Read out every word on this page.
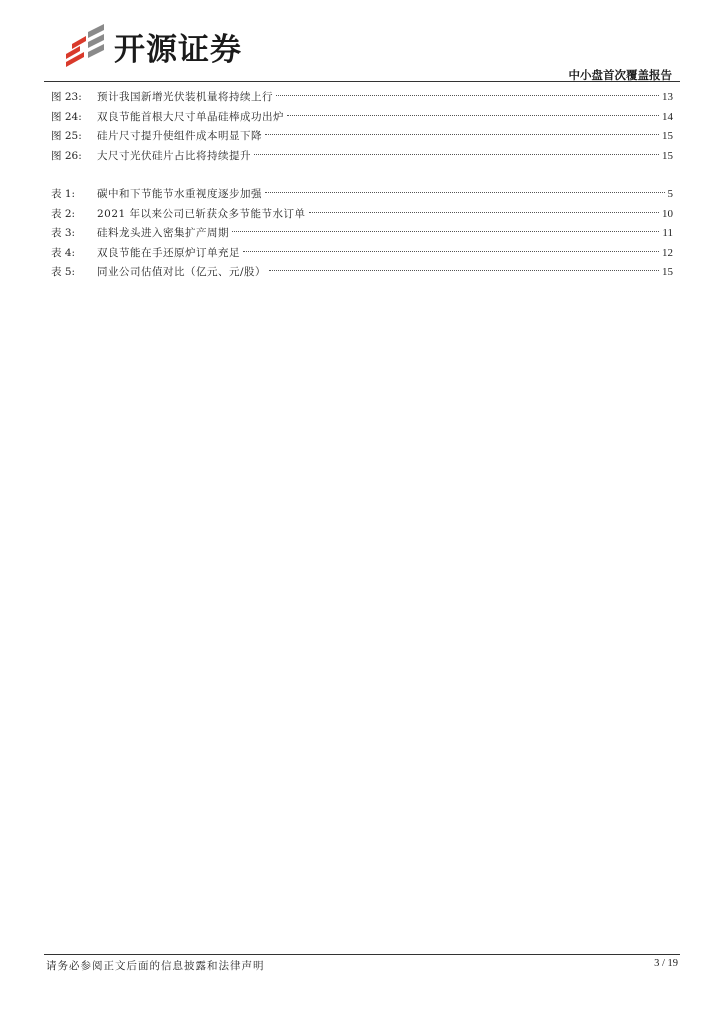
开源证券
中小盘首次覆盖报告
图 23:	预计我国新增光伏装机量将持续上行	13
图 24:	双良节能首根大尺寸单晶硅棒成功出炉	14
图 25:	硅片尺寸提升使组件成本明显下降	15
图 26:	大尺寸光伏硅片占比将持续提升	15
表 1:	碳中和下节能节水重视度逐步加强	5
表 2:	2021 年以来公司已斩获众多节能节水订单	10
表 3:	硅料龙头进入密集扩产周期	11
表 4:	双良节能在手还原炉订单充足	12
表 5:	同业公司估值对比（亿元、元/股）	15
请务必参阅正文后面的信息披露和法律声明	3 / 19
